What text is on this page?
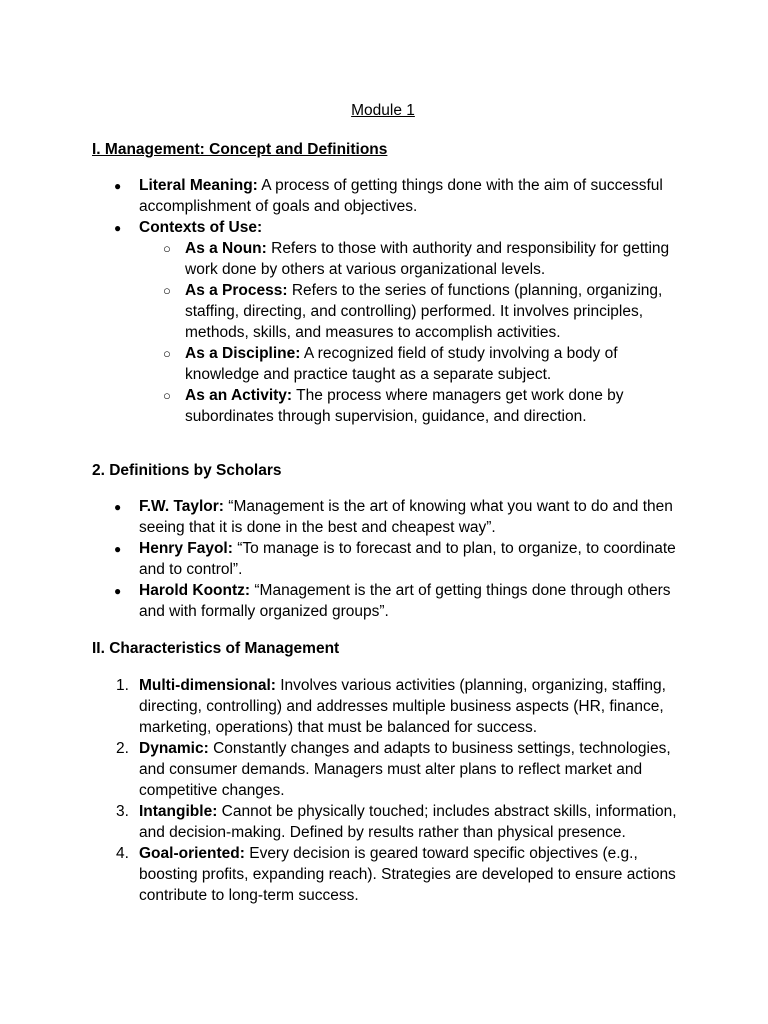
Module 1
I. Management: Concept and Definitions
●
Literal Meaning: A process of getting things done with the aim of successful accomplishment of goals and objectives.
●
Contexts of Use:
○ As a Noun: Refers to those with authority and responsibility for getting work done by others at various organizational levels.
○ As a Process: Refers to the series of functions (planning, organizing, staffing, directing, and controlling) performed. It involves principles, methods, skills, and measures to accomplish activities.
○ As a Discipline: A recognized field of study involving a body of knowledge and practice taught as a separate subject.
○ As an Activity: The process where managers get work done by subordinates through supervision, guidance, and direction.
2. Definitions by Scholars
●
F.W. Taylor: “Management is the art of knowing what you want to do and then seeing that it is done in the best and cheapest way”.
●
Henry Fayol: “To manage is to forecast and to plan, to organize, to coordinate and to control”.
●
Harold Koontz: “Management is the art of getting things done through others and with formally organized groups”.
II. Characteristics of Management
1. Multi-dimensional: Involves various activities (planning, organizing, staffing, directing, controlling) and addresses multiple business aspects (HR, finance, marketing, operations) that must be balanced for success.
2. Dynamic: Constantly changes and adapts to business settings, technologies, and consumer demands. Managers must alter plans to reflect market and competitive changes.
3. Intangible: Cannot be physically touched; includes abstract skills, information, and decision-making. Defined by results rather than physical presence.
4. Goal-oriented: Every decision is geared toward specific objectives (e.g., boosting profits, expanding reach). Strategies are developed to ensure actions contribute to long-term success.
